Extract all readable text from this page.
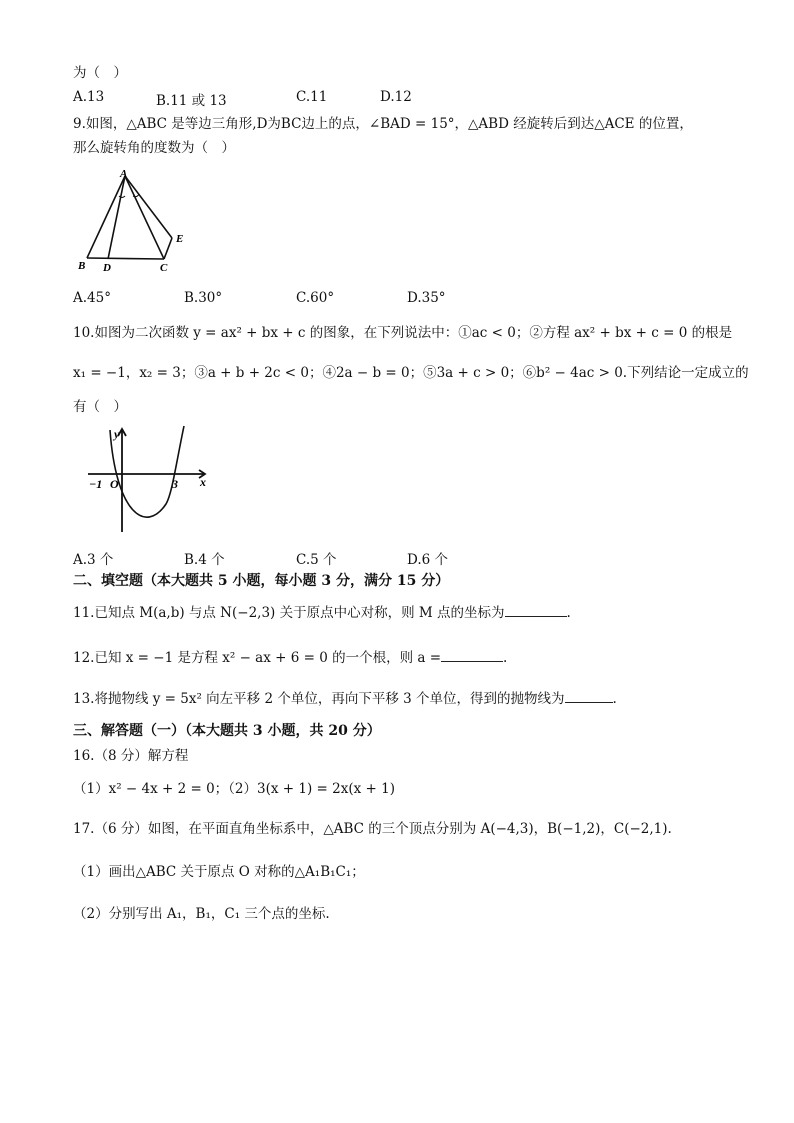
为（　）
A.13	B.11 或 13	C.11	D.12
9.如图，△ABC 是等边三角形,D为BC边上的点，∠BAD = 15°，△ABD 经旋转后到达△ACE 的位置，
那么旋转角的度数为（　）
A
B D	C
E
A.45°	B.30°	C.60°	D.35°
10.如图为二次函数 y = ax² + bx + c 的图象，在下列说法中：①ac < 0；②方程 ax² + bx + c = 0 的根是
x₁ = −1，x₂ = 3；③a + b + 2c < 0；④2a − b = 0；⑤3a + c > 0；⑥b² − 4ac > 0.下列结论一定成立的
有（　）
y
x
−1 O	3
A.3 个	B.4 个	C.5 个	D.6 个
二、填空题（本大题共 5 小题，每小题 3 分，满分 15 分）
11.已知点 M(a,b) 与点 N(−2,3) 关于原点中心对称，则 M 点的坐标为	.
12.已知 x = −1 是方程 x² − ax + 6 = 0 的一个根，则 a =	.
13.将抛物线 y = 5x² 向左平移 2 个单位，再向下平移 3 个单位，得到的抛物线为	.
三、解答题（一）（本大题共 3 小题，共 20 分）
16.（8 分）解方程
（1）x² − 4x + 2 = 0；（2）3(x + 1) = 2x(x + 1)
17.（6 分）如图，在平面直角坐标系中，△ABC 的三个顶点分别为 A(−4,3)，B(−1,2)，C(−2,1).
（1）画出△ABC 关于原点 O 对称的△A₁B₁C₁；
（2）分别写出 A₁，B₁，C₁ 三个点的坐标.
